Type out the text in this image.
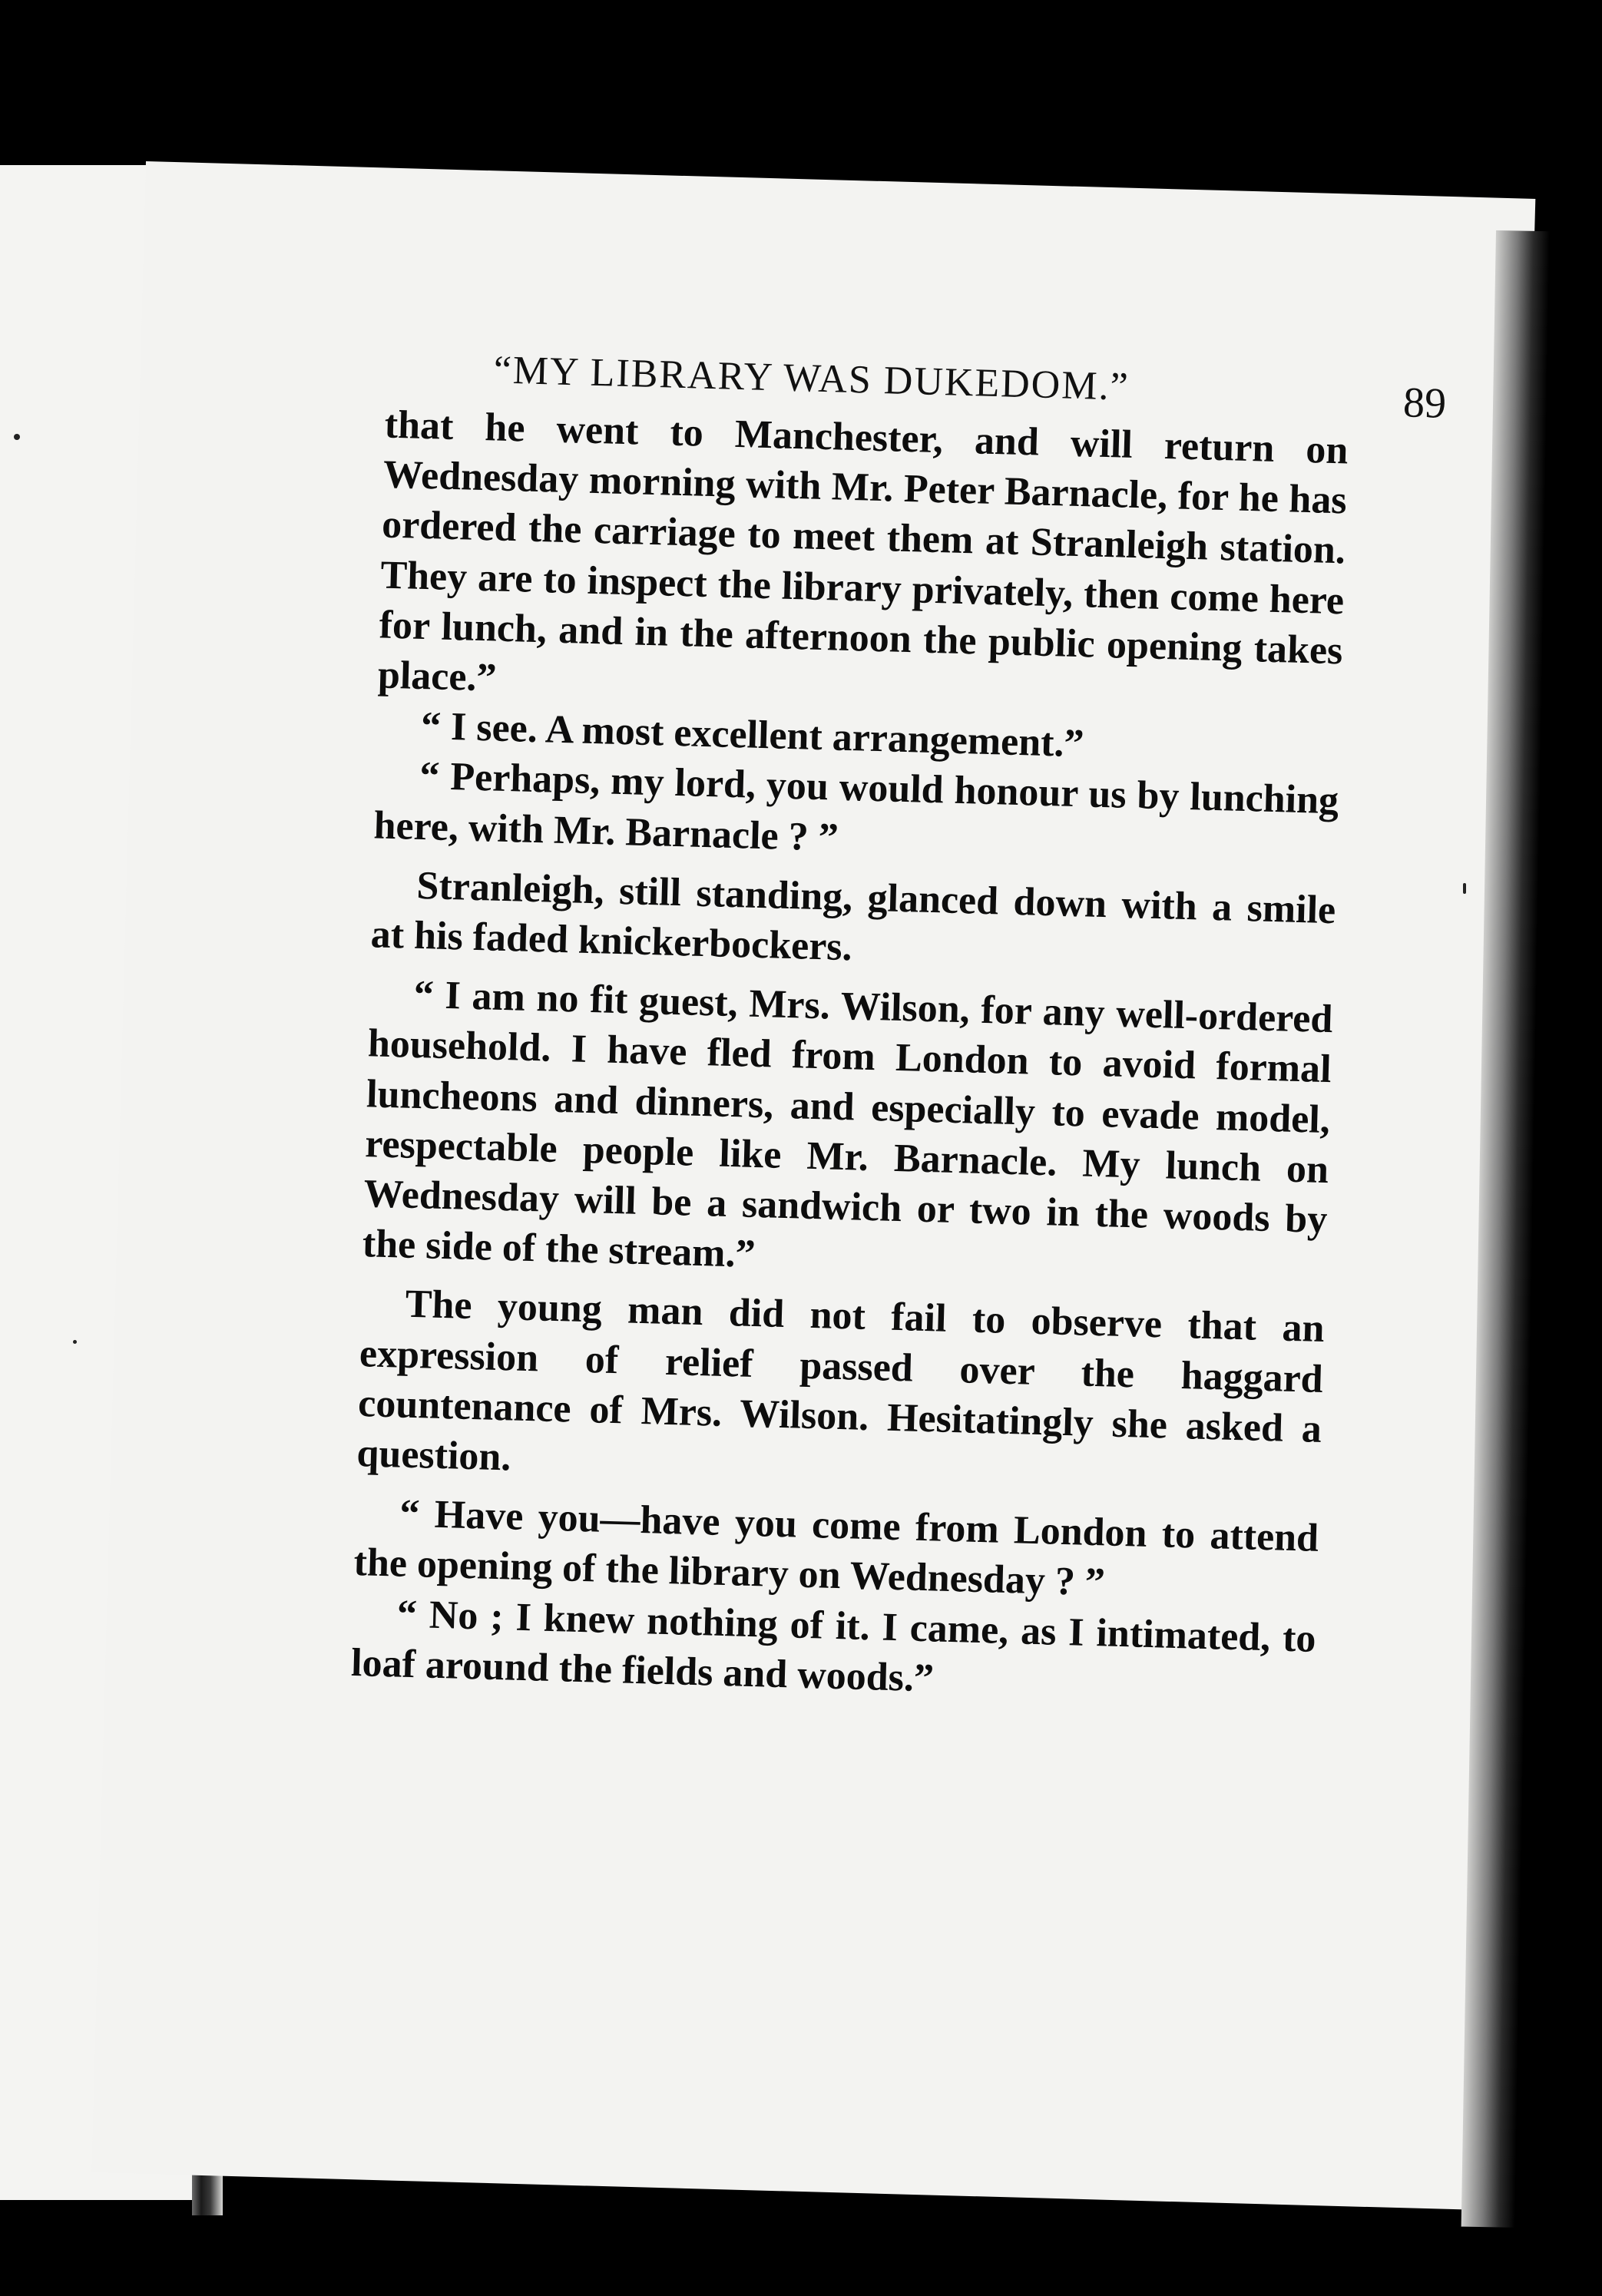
“MY LIBRARY WAS DUKEDOM.”	89

that he went to Manchester, and will return on Wednesday morning with Mr. Peter Barnacle, for he has ordered the carriage to meet them at Stranleigh station. They are to inspect the library privately, then come here for lunch, and in the afternoon the public opening takes place.”

“ I see. A most excellent arrangement.”

“ Perhaps, my lord, you would honour us by lunching here, with Mr. Barnacle ? ”

Stranleigh, still standing, glanced down with a smile at his faded knickerbockers.

“ I am no fit guest, Mrs. Wilson, for any well-ordered household. I have fled from London to avoid formal luncheons and dinners, and especially to evade model, respectable people like Mr. Barnacle. My lunch on Wednesday will be a sandwich or two in the woods by the side of the stream.”

The young man did not fail to observe that an expression of relief passed over the haggard countenance of Mrs. Wilson. Hesitatingly she asked a question.

“ Have you—have you come from London to attend the opening of the library on Wednesday ? ”

“ No ; I knew nothing of it. I came, as I intimated, to loaf around the fields and woods.”
